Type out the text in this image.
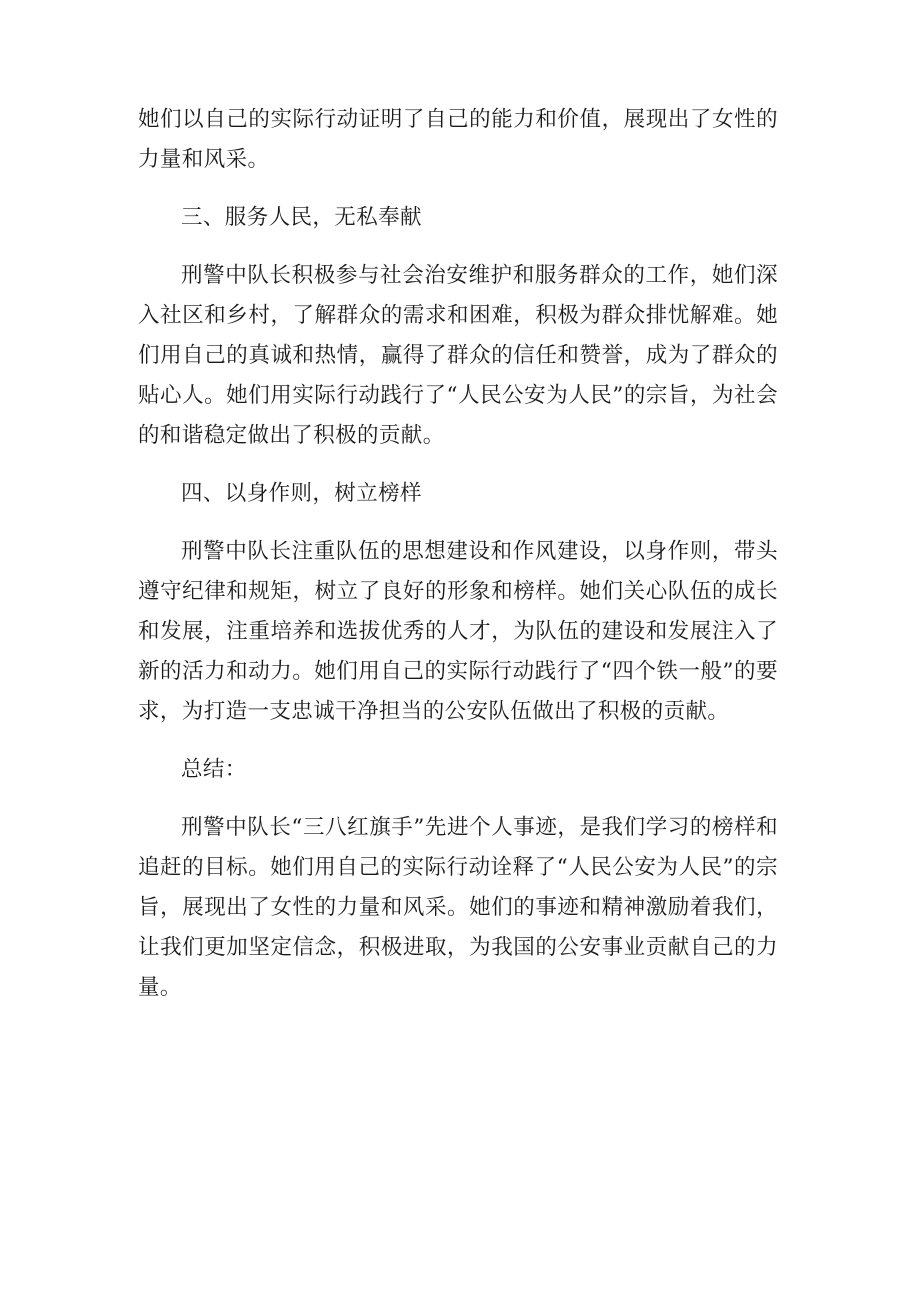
她们以自己的实际行动证明了自己的能力和价值，展现出了女性的力量和风采。

三、服务人民，无私奉献

刑警中队长积极参与社会治安维护和服务群众的工作，她们深入社区和乡村，了解群众的需求和困难，积极为群众排忧解难。她们用自己的真诚和热情，赢得了群众的信任和赞誉，成为了群众的贴心人。她们用实际行动践行了“人民公安为人民”的宗旨，为社会的和谐稳定做出了积极的贡献。

四、以身作则，树立榜样

刑警中队长注重队伍的思想建设和作风建设，以身作则，带头遵守纪律和规矩，树立了良好的形象和榜样。她们关心队伍的成长和发展，注重培养和选拔优秀的人才，为队伍的建设和发展注入了新的活力和动力。她们用自己的实际行动践行了“四个铁一般”的要求，为打造一支忠诚干净担当的公安队伍做出了积极的贡献。

总结：

刑警中队长“三八红旗手”先进个人事迹，是我们学习的榜样和追赶的目标。她们用自己的实际行动诠释了“人民公安为人民”的宗旨，展现出了女性的力量和风采。她们的事迹和精神激励着我们，让我们更加坚定信念，积极进取，为我国的公安事业贡献自己的力量。
